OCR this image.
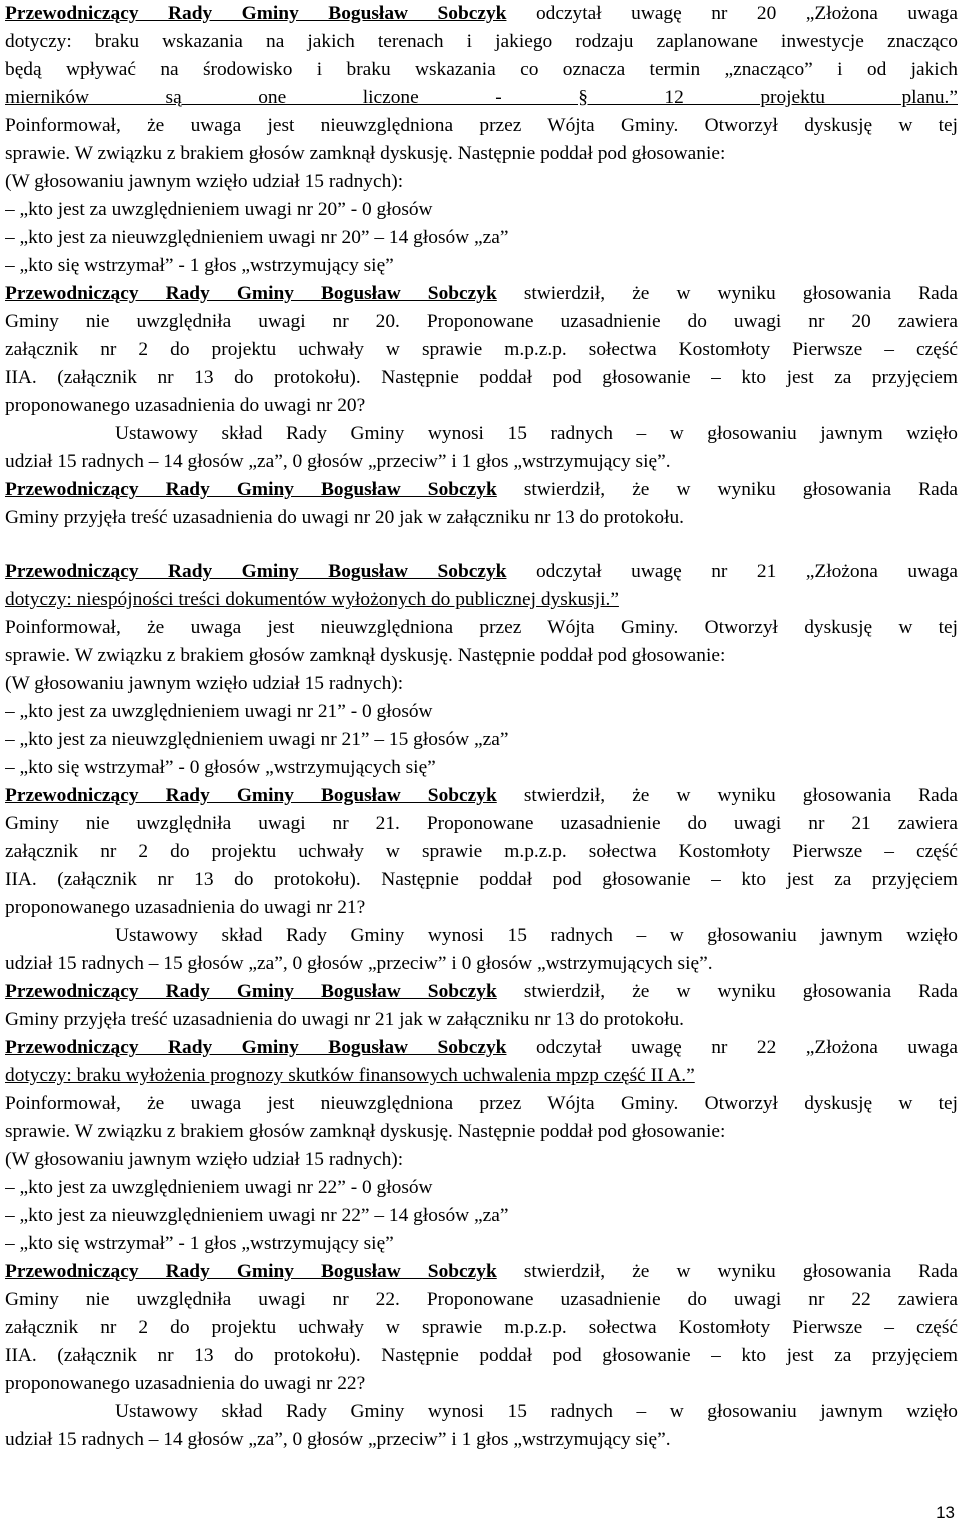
Przewodniczący Rady Gminy Bogusław Sobczyk odczytał uwagę nr 20 „Złożona uwaga
dotyczy: braku wskazania na jakich terenach i jakiego rodzaju zaplanowane inwestycje znacząco
będą wpływać na środowisko i braku wskazania co oznacza termin „znacząco” i od jakich
mierników są one liczone - § 12 projektu planu.”
Poinformował, że uwaga jest nieuwzględniona przez Wójta Gminy. Otworzył dyskusję w tej
sprawie. W związku z brakiem głosów zamknął dyskusję. Następnie poddał pod głosowanie:
(W głosowaniu jawnym wzięło udział 15 radnych):
– „kto jest za uwzględnieniem uwagi nr 20” - 0 głosów
– „kto jest za nieuwzględnieniem uwagi nr 20” – 14 głosów „za”
– „kto się wstrzymał” - 1 głos „wstrzymujący się”
Przewodniczący Rady Gminy Bogusław Sobczyk stwierdził, że w wyniku głosowania Rada
Gminy nie uwzględniła uwagi nr 20. Proponowane uzasadnienie do uwagi nr 20 zawiera
załącznik nr 2 do projektu uchwały w sprawie m.p.z.p. sołectwa Kostomłoty Pierwsze – część
IIA. (załącznik nr 13 do protokołu). Następnie poddał pod głosowanie – kto jest za przyjęciem
proponowanego uzasadnienia do uwagi nr 20?
Ustawowy skład Rady Gminy wynosi 15 radnych – w głosowaniu jawnym wzięło
udział 15 radnych – 14 głosów „za”, 0 głosów „przeciw” i 1 głos „wstrzymujący się”.
Przewodniczący Rady Gminy Bogusław Sobczyk stwierdził, że w wyniku głosowania Rada
Gminy przyjęła treść uzasadnienia do uwagi nr 20 jak w załączniku nr 13 do protokołu.
Przewodniczący Rady Gminy Bogusław Sobczyk odczytał uwagę nr 21 „Złożona uwaga
dotyczy: niespójności treści dokumentów wyłożonych do publicznej dyskusji.”
Poinformował, że uwaga jest nieuwzględniona przez Wójta Gminy. Otworzył dyskusję w tej
sprawie. W związku z brakiem głosów zamknął dyskusję. Następnie poddał pod głosowanie:
(W głosowaniu jawnym wzięło udział 15 radnych):
– „kto jest za uwzględnieniem uwagi nr 21” - 0 głosów
– „kto jest za nieuwzględnieniem uwagi nr 21” – 15 głosów „za”
– „kto się wstrzymał” - 0 głosów „wstrzymujących się”
Przewodniczący Rady Gminy Bogusław Sobczyk stwierdził, że w wyniku głosowania Rada
Gminy nie uwzględniła uwagi nr 21. Proponowane uzasadnienie do uwagi nr 21 zawiera
załącznik nr 2 do projektu uchwały w sprawie m.p.z.p. sołectwa Kostomłoty Pierwsze – część
IIA. (załącznik nr 13 do protokołu). Następnie poddał pod głosowanie – kto jest za przyjęciem
proponowanego uzasadnienia do uwagi nr 21?
Ustawowy skład Rady Gminy wynosi 15 radnych – w głosowaniu jawnym wzięło
udział 15 radnych – 15 głosów „za”, 0 głosów „przeciw” i 0 głosów „wstrzymujących się”.
Przewodniczący Rady Gminy Bogusław Sobczyk stwierdził, że w wyniku głosowania Rada
Gminy przyjęła treść uzasadnienia do uwagi nr 21 jak w załączniku nr 13 do protokołu.
Przewodniczący Rady Gminy Bogusław Sobczyk odczytał uwagę nr 22 „Złożona uwaga
dotyczy: braku wyłożenia prognozy skutków finansowych uchwalenia mpzp część II A.”
Poinformował, że uwaga jest nieuwzględniona przez Wójta Gminy. Otworzył dyskusję w tej
sprawie. W związku z brakiem głosów zamknął dyskusję. Następnie poddał pod głosowanie:
(W głosowaniu jawnym wzięło udział 15 radnych):
– „kto jest za uwzględnieniem uwagi nr 22” - 0 głosów
– „kto jest za nieuwzględnieniem uwagi nr 22” – 14 głosów „za”
– „kto się wstrzymał” - 1 głos „wstrzymujący się”
Przewodniczący Rady Gminy Bogusław Sobczyk stwierdził, że w wyniku głosowania Rada
Gminy nie uwzględniła uwagi nr 22. Proponowane uzasadnienie do uwagi nr 22 zawiera
załącznik nr 2 do projektu uchwały w sprawie m.p.z.p. sołectwa Kostomłoty Pierwsze – część
IIA. (załącznik nr 13 do protokołu). Następnie poddał pod głosowanie – kto jest za przyjęciem
proponowanego uzasadnienia do uwagi nr 22?
Ustawowy skład Rady Gminy wynosi 15 radnych – w głosowaniu jawnym wzięło
udział 15 radnych – 14 głosów „za”, 0 głosów „przeciw” i 1 głos „wstrzymujący się”.
13
